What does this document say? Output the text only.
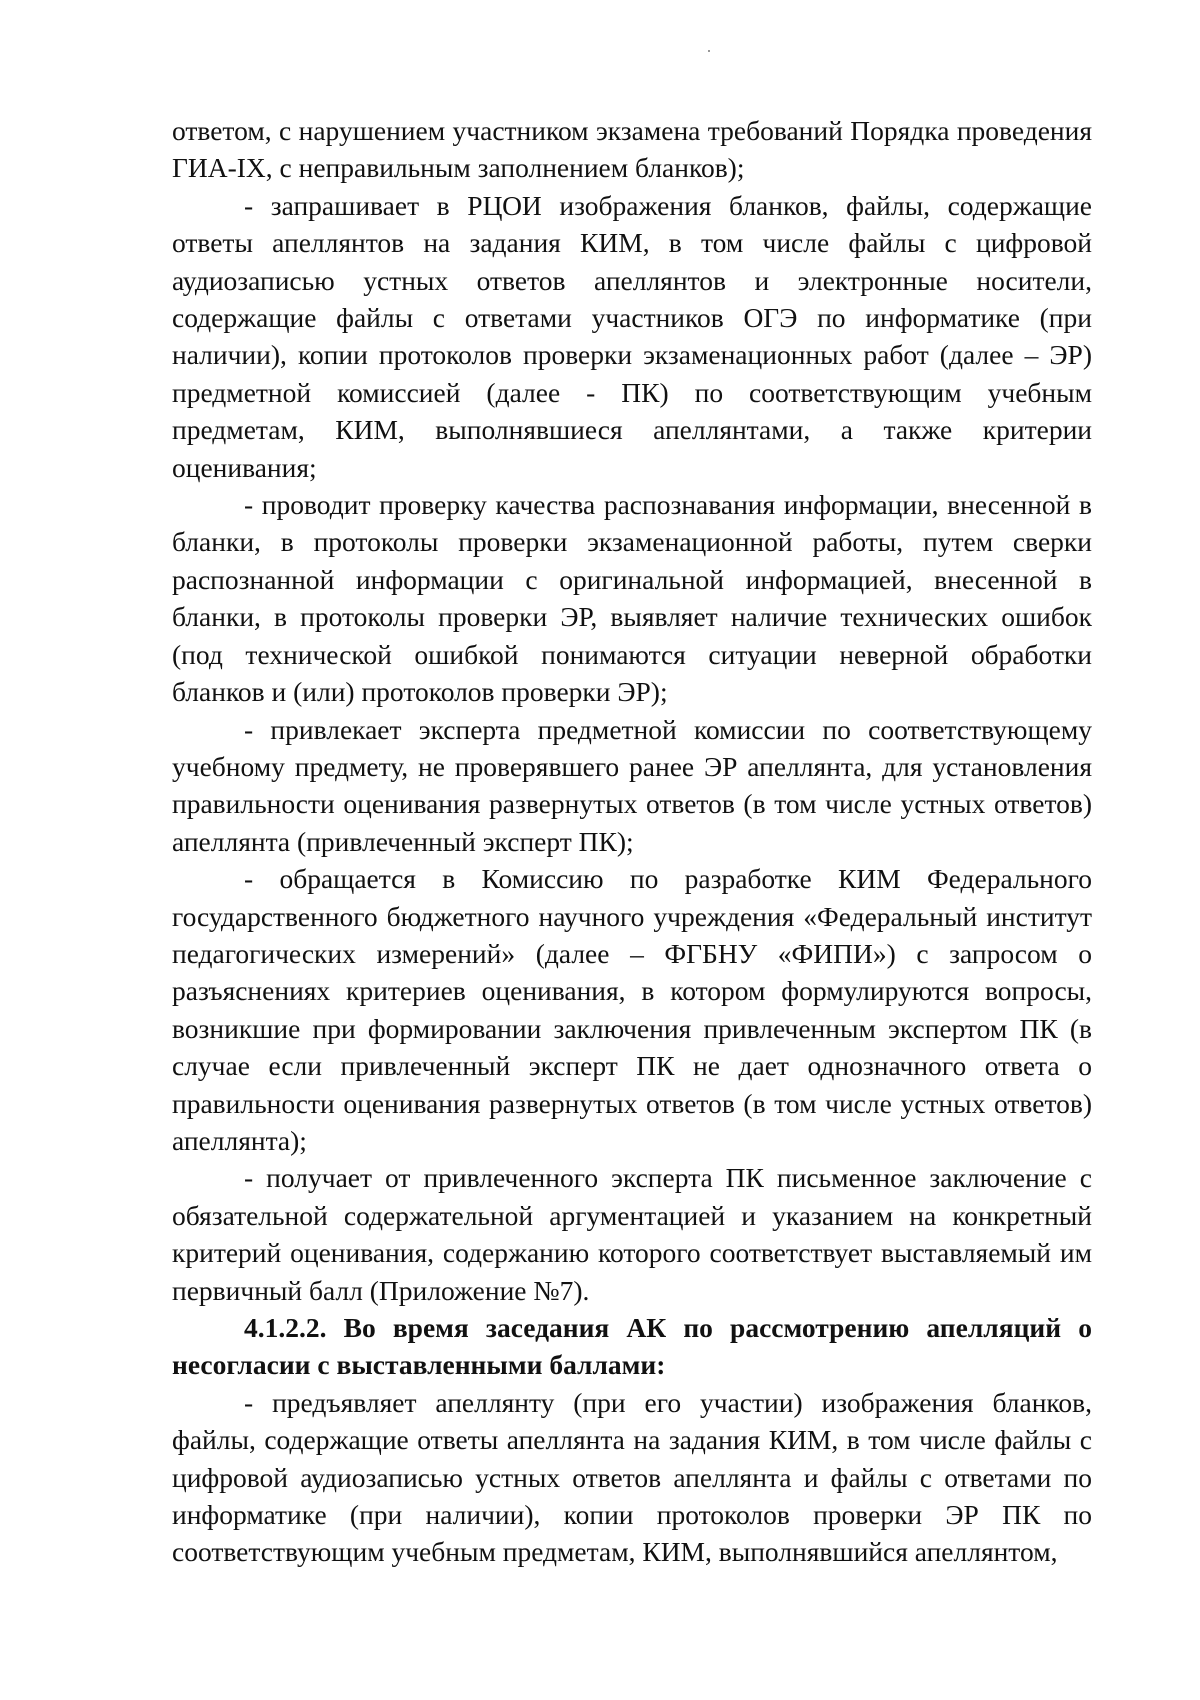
ответом, с нарушением участником экзамена требований Порядка проведения ГИА-IX, с неправильным заполнением бланков);

- запрашивает в РЦОИ изображения бланков, файлы, содержащие ответы апеллянтов на задания КИМ, в том числе файлы с цифровой аудиозаписью устных ответов апеллянтов и электронные носители, содержащие файлы с ответами участников ОГЭ по информатике (при наличии), копии протоколов проверки экзаменационных работ (далее – ЭР) предметной комиссией (далее - ПК) по соответствующим учебным предметам, КИМ, выполнявшиеся апеллянтами, а также критерии оценивания;

- проводит проверку качества распознавания информации, внесенной в бланки, в протоколы проверки экзаменационной работы, путем сверки распознанной информации с оригинальной информацией, внесенной в бланки, в протоколы проверки ЭР, выявляет наличие технических ошибок (под технической ошибкой понимаются ситуации неверной обработки бланков и (или) протоколов проверки ЭР);

- привлекает эксперта предметной комиссии по соответствующему учебному предмету, не проверявшего ранее ЭР апеллянта, для установления правильности оценивания развернутых ответов (в том числе устных ответов) апеллянта (привлеченный эксперт ПК);

- обращается в Комиссию по разработке КИМ Федерального государственного бюджетного научного учреждения «Федеральный институт педагогических измерений» (далее – ФГБНУ «ФИПИ») с запросом о разъяснениях критериев оценивания, в котором формулируются вопросы, возникшие при формировании заключения привлеченным экспертом ПК (в случае если привлеченный эксперт ПК не дает однозначного ответа о правильности оценивания развернутых ответов (в том числе устных ответов) апеллянта);

- получает от привлеченного эксперта ПК письменное заключение с обязательной содержательной аргументацией и указанием на конкретный критерий оценивания, содержанию которого соответствует выставляемый им первичный балл (Приложение №7).

4.1.2.2. Во время заседания АК по рассмотрению апелляций о несогласии с выставленными баллами:

- предъявляет апеллянту (при его участии) изображения бланков, файлы, содержащие ответы апеллянта на задания КИМ, в том числе файлы с цифровой аудиозаписью устных ответов апеллянта и файлы с ответами по информатике (при наличии), копии протоколов проверки ЭР ПК по соответствующим учебным предметам, КИМ, выполнявшийся апеллянтом,
